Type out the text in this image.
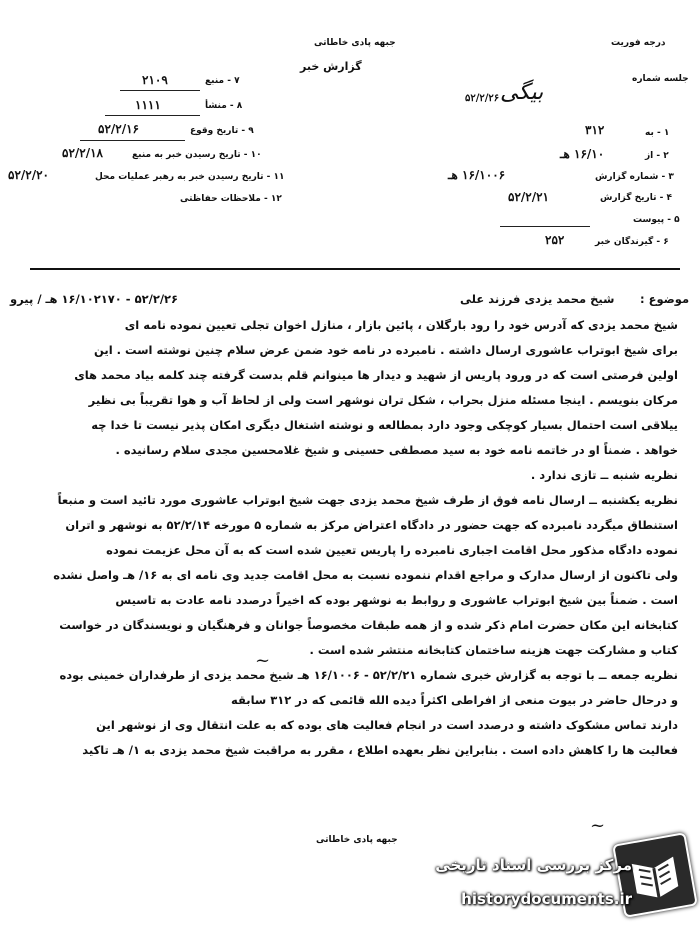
درجه فوریت
جبهه پادی خاطاتی
گزارش خبر
۷ - منبع
۸ - منشأ
۹ - تاریخ وقوع
۱۰ - تاریخ رسیدن خبر به منبع
۱۱ - تاریخ رسیدن خبر به رهبر عملیات محل
۱۲ - ملاحظات حفاظتی
۲۱۰۹
۱۱۱۱
۵۲/۲/۱۶
۵۲/۲/۱۸
۵۲/۲/۲۰
جلسه شماره
۱ - به
۲ - از
۳ - شماره گزارش
۴ - تاریخ گزارش
۵ - پیوست
۶ - گیرندگان خبر
۳۱۲
۱۶/۱۰ هـ
۱۶/۱۰۰۶ هـ
۵۲/۲/۲۱
۲۵۲
بیگی
۵۲/۲/۲۶
موضوع :
شیخ محمد یزدی فرزند علی
۵۲/۲/۲۶ - ۱۶/۱۰۲۱۷۰ هـ / پیرو
شیخ محمد یزدی که آدرس خود را رود بارگلان ، پائین بازار ، منازل اخوان تجلی تعیین نموده نامه ای
برای شیخ ابوتراب عاشوری ارسال داشته . نامبرده در نامه خود ضمن عرض سلام چنین نوشته است . این
اولین فرصتی است که در ورود پاریس از شهید و دیدار ها مینوانم قلم بدست گرفته چند کلمه بیاد محمد های
مرکان بنویسم . اینجا مسئله منزل بحراب ، شکل تران نوشهر است ولی از لحاظ آب و هوا تقریباً بی نظیر
ییلاقی است احتمال بسیار کوچکی وجود دارد بمطالعه و نوشته اشتغال دیگری امکان پذیر نیست تا خدا چه
خواهد . ضمناً او در خاتمه نامه خود به سید مصطفی حسینی و شیخ غلامحسین مجدی سلام رسانیده .
نظریه شنبه ــ تازی ندارد .
نظریه یکشنبه ــ ارسال نامه فوق از طرف شیخ محمد یزدی جهت شیخ ابوتراب عاشوری مورد تائید است و منبعاً
استنطاق میگردد نامبرده که جهت حضور در دادگاه اعتراض مرکز به شماره ۵ مورخه ۵۲/۲/۱۴ به نوشهر و اتران
نموده دادگاه مذکور محل اقامت اجباری نامبرده را پاریس تعیین شده است که به آن محل عزیمت نموده
ولی تاکنون از ارسال مدارک و مراجع اقدام ننموده نسبت به محل اقامت جدید وی نامه ای به ۱۶/ هـ واصل نشده
است . ضمناً بین شیخ ابوتراب عاشوری و روابط به نوشهر بوده که اخیراً درصدد نامه عادت به تاسیس
کتابخانه این مکان حضرت امام ذکر شده و از همه طبقات مخصوصاً جوانان و فرهنگیان و نویسندگان در خواست
کتاب و مشارکت جهت هزینه ساختمان کتابخانه منتشر شده است .
نظریه جمعه ــ با توجه به گزارش خبری شماره ۵۲/۲/۲۱ - ۱۶/۱۰۰۶ هـ شیخ محمد یزدی از طرفداران خمینی بوده
و درحال حاضر در بیوت منعی از افراطی اکثراً دیده الله قائمی که در ۳۱۲ سابقه
دارند تماس مشکوک داشته و درصدد است در انجام فعالیت های بوده که به علت انتقال وی از نوشهر این
فعالیت ها را کاهش داده است . بنابراین نظر بعهده اطلاع ، مقرر به مراقبت شیخ محمد یزدی به ۱/ هـ تاکید
~
~
جبهه پادی خاطاتی
مرکز بررسی اسناد تاریخی
historydocuments.ir
